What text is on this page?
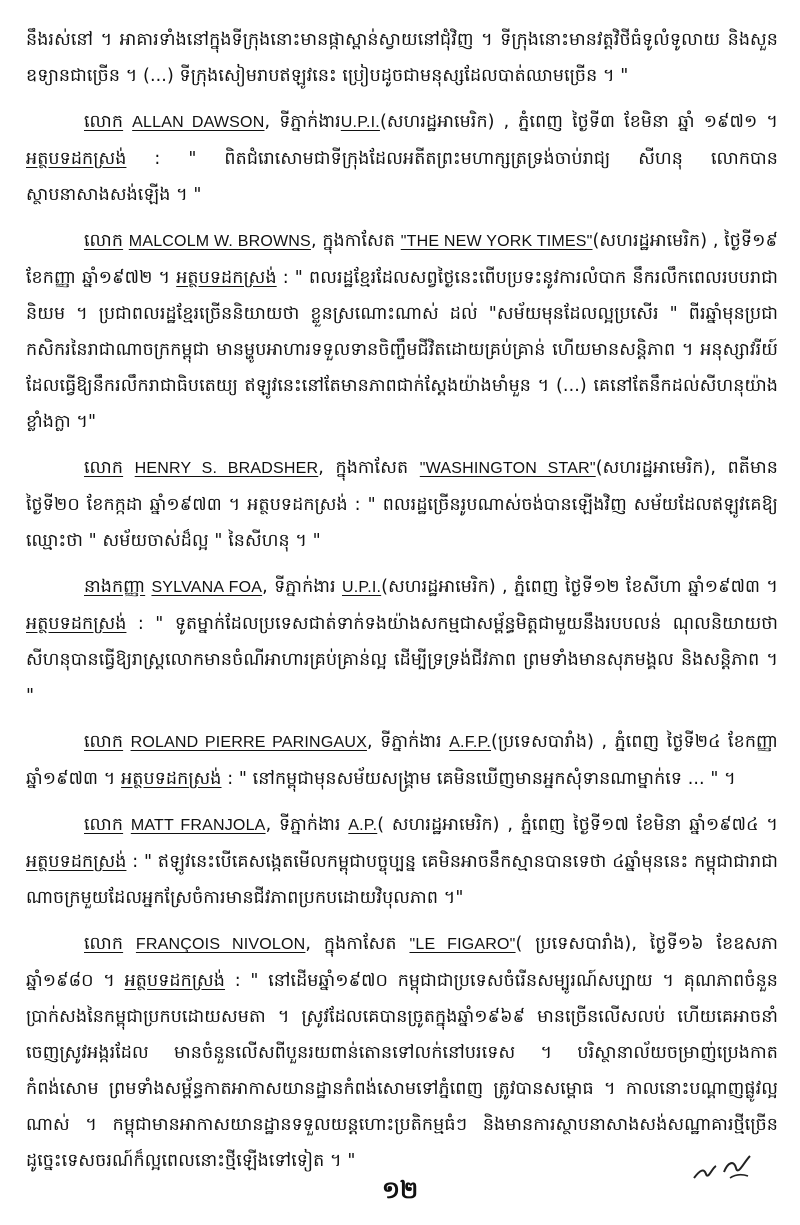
នឹងរស់នៅ ។ អាគារទាំងនៅក្នុងទីក្រុងនោះមានផ្កាស្ពាន់ស្វាយនៅជុំវិញ ។ ទីក្រុងនោះមានវត្តវិថីធំទូលំទូលាយ និងសួនឧទ្យានជាច្រើន ។ (...) ទីក្រុងសៀមរាបឥឡូវនេះ ប្រៀបដូចជាមនុស្សដែលបាត់ឈាមច្រើន ។ "

លោក ALLAN DAWSON, ទីភ្នាក់ងារU.P.I.(សហរដ្ឋអាមេរិក) , ភ្នំពេញ ថ្ងៃទី៣ ខែមិនា ឆ្នាំ ១៩៧១ ។ អត្ថបទដកស្រង់ : " ពិតជំរោសោមជាទីក្រុងដែលអតីតព្រះមហាក្សត្រទ្រង់ចាប់រាជ្យ សីហនុ លោកបានស្ថាបនាសាងសង់ឡើង ។ "

លោក MALCOLM W. BROWNS, ក្នុងកាសែត "THE NEW YORK TIMES"(សហរដ្ឋអាមេរិក) , ថ្ងៃទី១៩ ខែកញ្ញា ឆ្នាំ១៩៧២ ។ អត្ថបទដកស្រង់ : " ពលរដ្ឋខ្មែរដែលសព្វថ្ងៃនេះពើបប្រទះនូវការលំបាក នឹករលឹកពេលរបបរាជានិយម ។ ប្រជាពលរដ្ឋខ្មែរច្រើននិយាយថា ខ្លួនស្រណោះណាស់ ដល់ "សម័យមុនដែលល្អប្រសើរ " ពីរឆ្នាំមុនប្រជាកសិករនៃរាជាណាចក្រកម្ពុជា មានម្ហូបអាហារទទួលទានចិញ្ចឹមជីវិតដោយគ្រប់គ្រាន់ ហើយមានសន្តិភាព ។ អនុស្សាវរីយ៍ដែលធ្វើឱ្យនឹករលឹករាជាធិបតេយ្យ ឥឡូវនេះនៅតែមានភាពជាក់ស្តែងយ៉ាងមាំមួន ។ (...) គេនៅតែនឹកដល់សីហនុយ៉ាងខ្លាំងក្លា ។"

លោក HENRY S. BRADSHER, ក្នុងកាសែត "WASHINGTON STAR"(សហរដ្ឋអាមេរិក), ពតីមានថ្ងៃទី២០ ខែកក្កដា ឆ្នាំ១៩៧៣ ។ អត្ថបទដកស្រង់ : " ពលរដ្ឋច្រើនរូបណាស់ចង់បានឡើងវិញ សម័យដែលឥឡូវគេឱ្យឈ្មោះថា " សម័យចាស់ដ៏ល្អ " នៃសីហនុ ។ "

នាងកញ្ញា SYLVANA FOA, ទីភ្នាក់ងារ U.P.I.(សហរដ្ឋអាមេរិក) , ភ្នំពេញ ថ្ងៃទី១២ ខែសីហា ឆ្នាំ១៩៧៣ ។ អត្ថបទដកស្រង់ : " ទូតម្នាក់ដែលប្រទេសជាត់ទាក់ទងយ៉ាងសកម្មជាសម្ព័ន្ធមិត្តជាមួយនឹងរបបលន់ ណុលនិយាយថា សីហនុបានធ្វើឱ្យរាស្ត្រលោកមានចំណីអាហារគ្រប់គ្រាន់ល្អ ដើម្បីទ្រទ្រង់ជីវភាព ព្រមទាំងមានសុភមង្គល និងសន្តិភាព ។ "

លោក ROLAND PIERRE PARINGAUX, ទីភ្នាក់ងារ A.F.P.(ប្រទេសបារាំង) , ភ្នំពេញ ថ្ងៃទី២៤ ខែកញ្ញា ឆ្នាំ១៩៧៣ ។ អត្ថបទដកស្រង់ : " នៅកម្ពុជាមុនសម័យសង្គ្រាម គេមិនឃើញមានអ្នកសុំទានណាម្នាក់ទេ ... " ។

លោក MATT FRANJOLA, ទីភ្នាក់ងារ A.P.( សហរដ្ឋអាមេរិក) , ភ្នំពេញ ថ្ងៃទី១៧ ខែមិនា ឆ្នាំ១៩៧៤ ។ អត្ថបទដកស្រង់ : " ឥឡូវនេះបើគេសង្កេតមើលកម្ពុជាបច្ចុប្បន្ន គេមិនអាចនឹកស្មានបានទេថា ៤ឆ្នាំមុននេះ កម្ពុជាជារាជាណាចក្រមួយដែលអ្នកស្រែចំការមានជីវភាពប្រកបដោយវិបុលភាព ។"

លោក FRANÇOIS NIVOLON, ក្នុងកាសែត "LE FIGARO"( ប្រទេសបារាំង), ថ្ងៃទី១៦ ខែឧសភា ឆ្នាំ១៩៨០ ។ អត្ថបទដកស្រង់ : " នៅដើមឆ្នាំ១៩៧០ កម្ពុជាជាប្រទេសចំរើនសម្បូរណ៍សប្បាយ ។ គុណភាពចំនួនប្រាក់សងនៃកម្ពុជាប្រកបដោយសមតា ។ ស្រូវដែលគេបានច្រូតក្នុងឆ្នាំ១៩៦៩ មានច្រើនលើសលប់ ហើយគេអាចនាំចេញស្រូវអង្ករដែល មានចំនួនលើសពីបួនរយពាន់តោនទៅលក់នៅបរទេស ។ បរិស្ថានាល័យចម្រាញ់ប្រេងកាតកំពង់សោម ព្រមទាំងសម្ព័ន្ធកាតអាកាសយានដ្ឋានកំពង់សោមទៅភ្នំពេញ ត្រូវបានសម្ពោធ ។ កាលនោះបណ្តាញផ្លូវល្អណាស់ ។ កម្ពុជាមានអាកាសយានដ្ឋានទទួលយន្តហោះប្រតិកម្មធំៗ និងមានការស្ថាបនាសាងសង់សណ្ឋាគារថ្មីច្រើន ដូច្នេះទេសចរណ៍ក៏ល្អពេលនោះថ្មីឡើងទៅទៀត ។ "

១២
